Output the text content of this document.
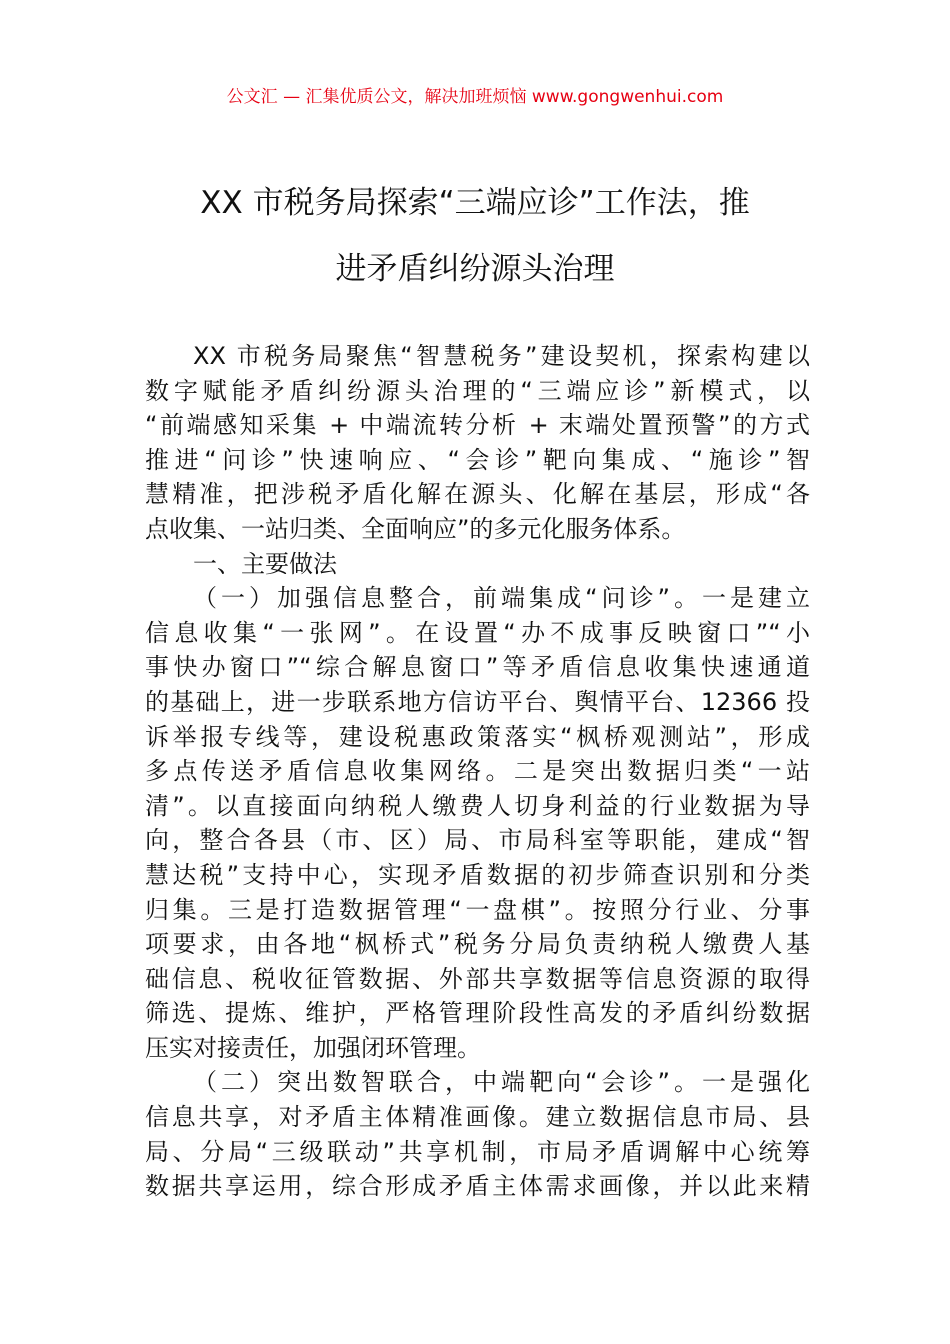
公文汇 — 汇集优质公文，解决加班烦恼 www.gongwenhui.com
XX 市税务局探索“三端应诊”工作法，推
进矛盾纠纷源头治理
XX 市税务局聚焦“智慧税务”建设契机，探索构建以
数字赋能矛盾纠纷源头治理的“三端应诊”新模式，以
“前端感知采集 + 中端流转分析 + 末端处置预警”的方式
推进“问诊”快速响应、“会诊”靶向集成、“施诊”智
慧精准，把涉税矛盾化解在源头、化解在基层，形成“各
点收集、一站归类、全面响应”的多元化服务体系。
一、主要做法
（一）加强信息整合，前端集成“问诊”。一是建立
信息收集“一张网”。在设置“办不成事反映窗口”“小
事快办窗口”“综合解息窗口”等矛盾信息收集快速通道
的基础上，进一步联系地方信访平台、舆情平台、12366 投
诉举报专线等，建设税惠政策落实“枫桥观测站”，形成
多点传送矛盾信息收集网络。二是突出数据归类“一站
清”。以直接面向纳税人缴费人切身利益的行业数据为导
向，整合各县（市、区）局、市局科室等职能，建成“智
慧达税”支持中心，实现矛盾数据的初步筛查识别和分类
归集。三是打造数据管理“一盘棋”。按照分行业、分事
项要求，由各地“枫桥式”税务分局负责纳税人缴费人基
础信息、税收征管数据、外部共享数据等信息资源的取得
筛选、提炼、维护，严格管理阶段性高发的矛盾纠纷数据
压实对接责任，加强闭环管理。
（二）突出数智联合，中端靶向“会诊”。一是强化
信息共享，对矛盾主体精准画像。建立数据信息市局、县
局、分局“三级联动”共享机制，市局矛盾调解中心统筹
数据共享运用，综合形成矛盾主体需求画像，并以此来精
